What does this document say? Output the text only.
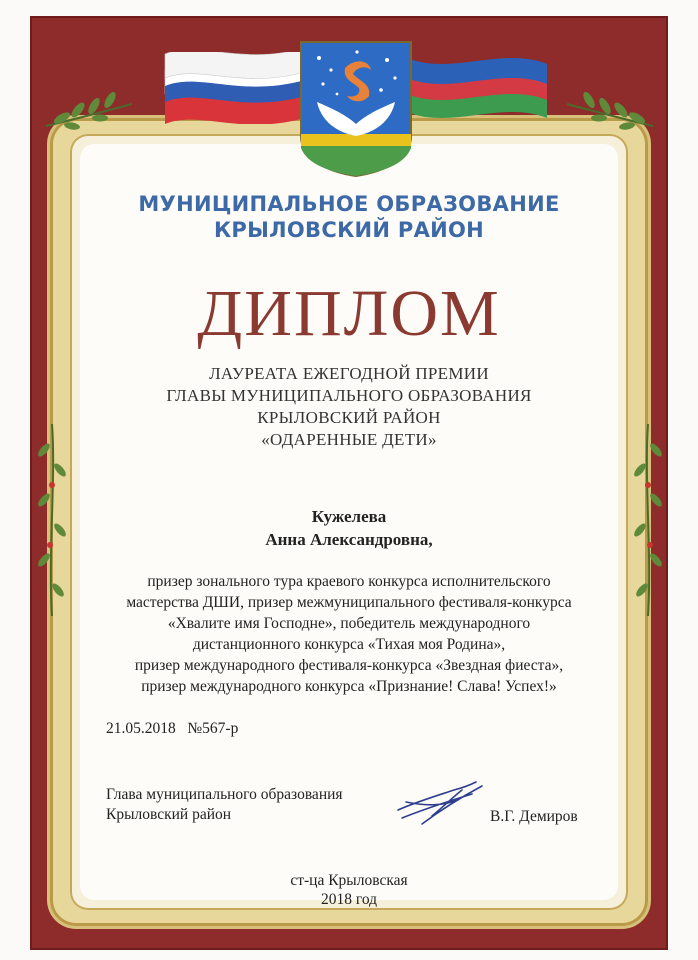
МУНИЦИПАЛЬНОЕ ОБРАЗОВАНИЕ
КРЫЛОВСКИЙ РАЙОН
ДИПЛОМ
ЛАУРЕАТА ЕЖЕГОДНОЙ ПРЕМИИ
ГЛАВЫ МУНИЦИПАЛЬНОГО ОБРАЗОВАНИЯ
КРЫЛОВСКИЙ РАЙОН
«ОДАРЕННЫЕ ДЕТИ»
Кужелева
Анна Александровна,
призер зонального тура краевого конкурса исполнительского
мастерства ДШИ, призер межмуниципального фестиваля-конкурса
«Хвалите имя Господне», победитель международного
дистанционного конкурса «Тихая моя Родина»,
призер международного фестиваля-конкурса «Звездная фиеста»,
призер международного конкурса «Признание! Слава! Успех!»
21.05.2018   №567-р
Глава муниципального образования
Крыловский район	В.Г. Демиров
ст-ца Крыловская
2018 год
